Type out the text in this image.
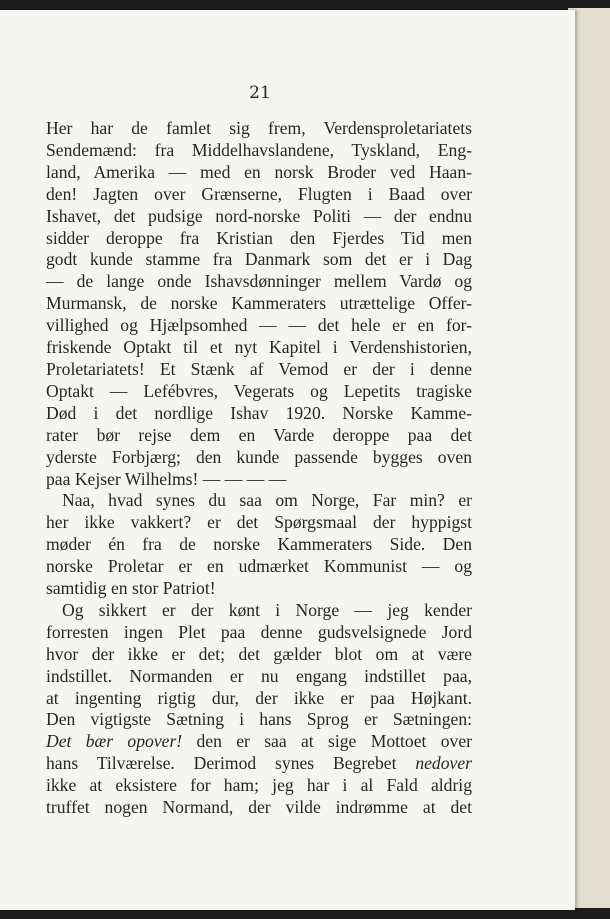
21

Her har de famlet sig frem, Verdensproletariatets

Sendemænd: fra Middelhavslandene, Tyskland, Eng-

land, Amerika — med en norsk Broder ved Haan-

den! Jagten over Grænserne, Flugten i Baad over

Ishavet, det pudsige nord-norske Politi — der endnu

sidder deroppe fra Kristian den Fjerdes Tid men

godt kunde stamme fra Danmark som det er i Dag

— de lange onde Ishavsdønninger mellem Vardø og

Murmansk, de norske Kammeraters utrættelige Offer-

villighed og Hjælpsomhed — — det hele er en for-

friskende Optakt til et nyt Kapitel i Verdenshistorien,

Proletariatets! Et Stænk af Vemod er der i denne

Optakt — Lefébvres, Vegerats og Lepetits tragiske

Død i det nordlige Ishav 1920. Norske Kamme-

rater bør rejse dem en Varde deroppe paa det

yderste Forbjærg; den kunde passende bygges oven

paa Kejser Wilhelms! — — — —

Naa, hvad synes du saa om Norge, Far min? er

her ikke vakkert? er det Spørgsmaal der hyppigst

møder én fra de norske Kammeraters Side. Den

norske Proletar er en udmærket Kommunist — og

samtidig en stor Patriot!

Og sikkert er der kønt i Norge — jeg kender

forresten ingen Plet paa denne gudsvelsignede Jord

hvor der ikke er det; det gælder blot om at være

indstillet. Normanden er nu engang indstillet paa,

at ingenting rigtig dur, der ikke er paa Højkant.

Den vigtigste Sætning i hans Sprog er Sætningen:

Det bær opover! den er saa at sige Mottoet over

hans Tilværelse. Derimod synes Begrebet nedover

ikke at eksistere for ham; jeg har i al Fald aldrig

truffet nogen Normand, der vilde indrømme at det
